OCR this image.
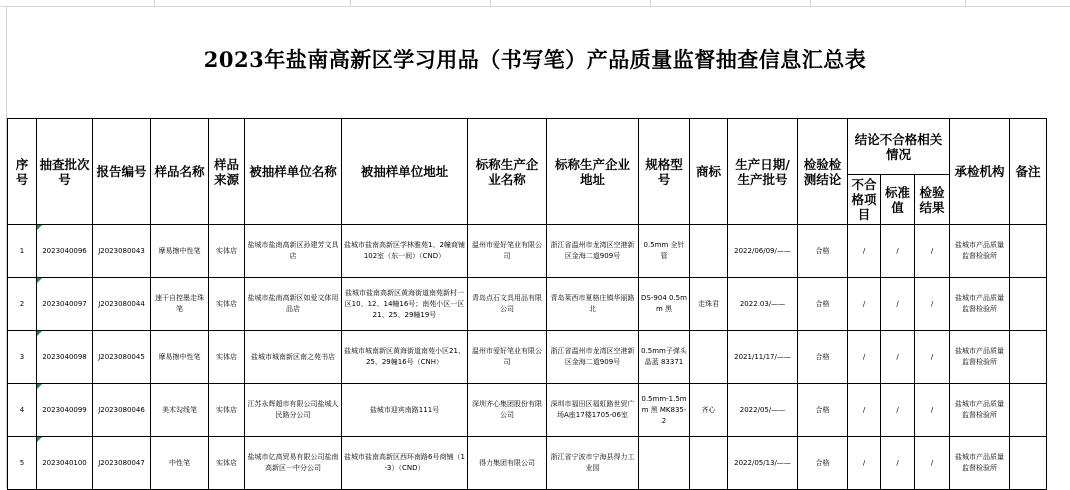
2023年盐南高新区学习用品（书写笔）产品质量监督抽查信息汇总表
序号	抽查批次号	报告编号	样品名称	样品来源	被抽样单位名称	被抽样单位地址	标称生产企业名称	标称生产企业地址	规格型号	商标	生产日期/生产批号	检验检测结论	结论不合格相关情况			承检机构	备注
													不合格项目	标准值	检验结果		
1	2023040096	J2023080043	摩易擦中性笔	实体店	盐城市盐南高新区孙建芳文具店	盐城市盐南高新区学林雅苑1、2幢商铺102室（东一间）（CND）	温州市爱好笔业有限公司	浙江省温州市龙湾区空港新区金海二道909号	0.5mm 全针管		2022/06/09/——	合格	/	/	/	盐城市产品质量监督检验所	
2	2023040097	J2023080044	速干自控墨走珠笔	实体店	盐城市盐南高新区如爱文体用品店	盐城市盐南高新区黄海街道南苑新村一区10、12、14幢16号；南苑小区一区21、25、29幢19号	青岛点石文具用品有限公司	青岛莱西市夏格庄镇华丽路北	DS-904 0.5mm 黑	走珠君	2022.03/——	合格	/	/	/	盐城市产品质量监督检验所	
3	2023040098	J2023080045	摩易擦中性笔	实体店	盐城市城南新区南之苑书店	盐城市城南新区黄海街道南苑小区21、25、29幢16号（CNH）	温州市爱好笔业有限公司	浙江省温州市龙湾区空港新区金海二道909号	0.5mm子弹头晶蓝 83371		2021/11/17/——	合格	/	/	/	盐城市产品质量监督检验所	
4	2023040099	J2023080046	美术勾线笔	实体店	江苏永辉超市有限公司盐城人民路分公司	盐城市迎宾南路111号	深圳齐心集团股份有限公司	深圳市福田区福虹路世贸广场A座17楼1705-06室	0.5mm-1.5mm 黑 MK835-2	齐心	2022/05/——	合格	/	/	/	盐城市产品质量监督检验所	
5	2023040100	J2023080047	中性笔	实体店	盐城市亿高贸易有限公司盐南高新区一中分公司	盐城市盐南高新区西环南路6号商铺（1-3）（CND）	得力集团有限公司	浙江省宁波市宁海县得力工业园			2022/05/13/——	合格	/	/	/	盐城市产品质量监督检验所	
